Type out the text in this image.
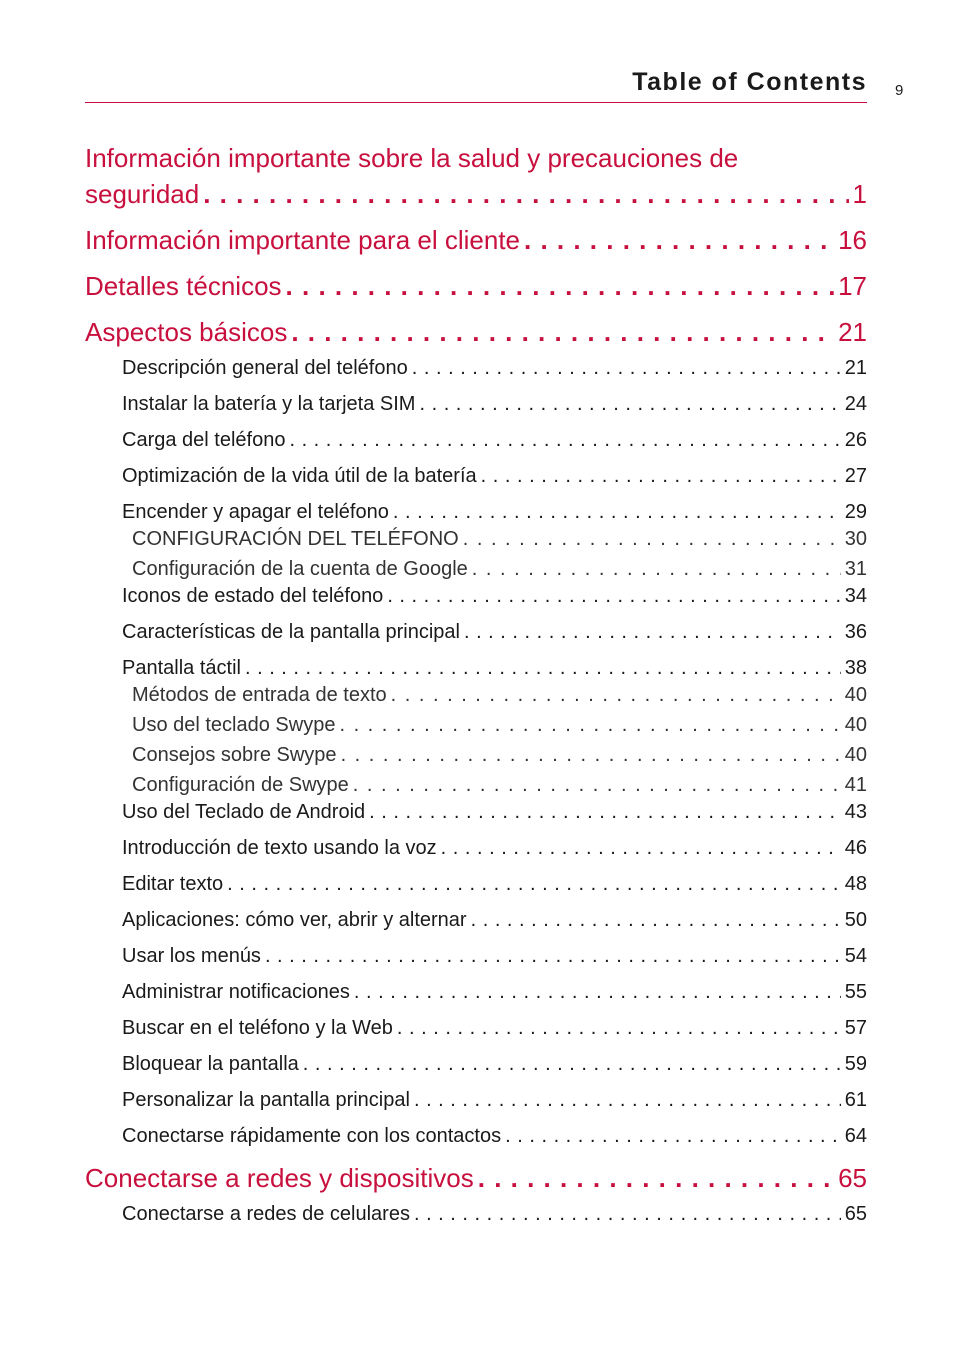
Table of Contents 9
Información importante sobre la salud y precauciones de
seguridad . . .	1
Información importante para el cliente . . .	16
Detalles técnicos . . .	17
Aspectos básicos . . .	21
Descripción general del teléfono . . .	21
Instalar la batería y la tarjeta SIM . . .	24
Carga del teléfono . . .	26
Optimización de la vida útil de la batería . . .	27
Encender y apagar el teléfono . . .	29
CONFIGURACIÓN DEL TELÉFONO . . .	30
Configuración de la cuenta de Google . . .	31
Iconos de estado del teléfono . . .	34
Características de la pantalla principal . . .	36
Pantalla táctil . . .	38
Métodos de entrada de texto . . .	40
Uso del teclado Swype . . .	40
Consejos sobre Swype . . .	40
Configuración de Swype . . .	41
Uso del Teclado de Android . . .	43
Introducción de texto usando la voz . . .	46
Editar texto . . .	48
Aplicaciones: cómo ver, abrir y alternar . . .	50
Usar los menús . . .	54
Administrar notificaciones . . .	55
Buscar en el teléfono y la Web . . .	57
Bloquear la pantalla . . .	59
Personalizar la pantalla principal . . .	61
Conectarse rápidamente con los contactos . . .	64
Conectarse a redes y dispositivos . . .	65
Conectarse a redes de celulares . . .	65
